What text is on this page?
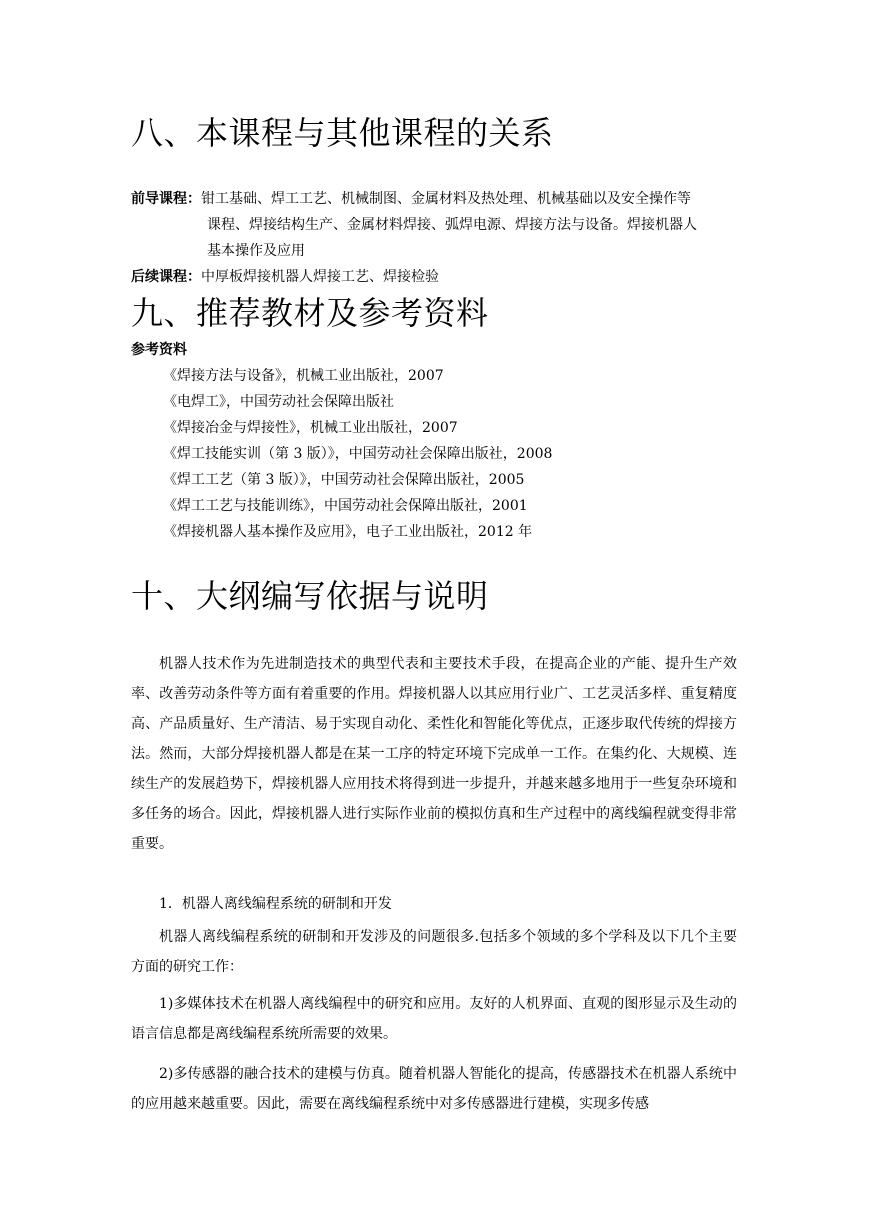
八、本课程与其他课程的关系
前导课程：钳工基础、焊工工艺、机械制图、金属材料及热处理、机械基础以及安全操作等
课程、焊接结构生产、金属材料焊接、弧焊电源、焊接方法与设备。焊接机器人
基本操作及应用
后续课程：中厚板焊接机器人焊接工艺、焊接检验
九、推荐教材及参考资料
参考资料
《焊接方法与设备》，机械工业出版社，2007
《电焊工》，中国劳动社会保障出版社
《焊接冶金与焊接性》，机械工业出版社，2007
《焊工技能实训（第 3 版）》，中国劳动社会保障出版社，2008
《焊工工艺（第 3 版）》，中国劳动社会保障出版社，2005
《焊工工艺与技能训练》，中国劳动社会保障出版社，2001
《焊接机器人基本操作及应用》，电子工业出版社，2012 年
十、大纲编写依据与说明

机器人技术作为先进制造技术的典型代表和主要技术手段，在提高企业的产能、提升生产效率、改善劳动条件等方面有着重要的作用。焊接机器人以其应用行业广、工艺灵活多样、重复精度高、产品质量好、生产清洁、易于实现自动化、柔性化和智能化等优点，正逐步取代传统的焊接方法。然而，大部分焊接机器人都是在某一工序的特定环境下完成单一工作。在集约化、大规模、连续生产的发展趋势下，焊接机器人应用技术将得到进一步提升，并越来越多地用于一些复杂环境和多任务的场合。因此，焊接机器人进行实际作业前的模拟仿真和生产过程中的离线编程就变得非常重要。

1．机器人离线编程系统的研制和开发

机器人离线编程系统的研制和开发涉及的问题很多.包括多个领域的多个学科及以下几个主要方面的研究工作：

1)多媒体技术在机器人离线编程中的研究和应用。友好的人机界面、直观的图形显示及生动的语言信息都是离线编程系统所需要的效果。

2)多传感器的融合技术的建模与仿真。随着机器人智能化的提高，传感器技术在机器人系统中的应用越来越重要。因此，需要在离线编程系统中对多传感器进行建模，实现多传感
